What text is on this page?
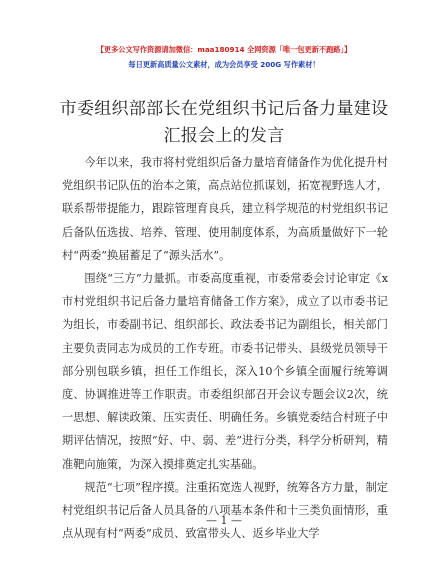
【更多公文写作资源请加微信：maa180914 全网资源「唯一包更新不跑路」】
每日更新高质量公文素材，成为会员享受 200G 写作素材！
市委组织部部长在党组织书记后备力量建设汇报会上的发言

今年以来，我市将村党组织后备力量培育储备作为优化提升村党组织书记队伍的治本之策，高点站位抓谋划，拓宽视野选人才，联系帮带提能力，跟踪管理育良兵，建立科学规范的村党组织书记后备队伍选拔、培养、管理、使用制度体系，为高质量做好下一轮村“两委”换届蓄足了“源头活水”。

围绕“三方”力量抓。市委高度重视，市委常委会讨论审定《x市村党组织书记后备力量培育储备工作方案》，成立了以市委书记为组长，市委副书记、组织部长、政法委书记为副组长，相关部门主要负责同志为成员的工作专班。市委书记带头、县级党员领导干部分别包联乡镇，担任工作组长，深入10个乡镇全面履行统筹调度、协调推进等工作职责。市委组织部召开会议专题会议2次，统一思想、解读政策、压实责任、明确任务。乡镇党委结合村班子中期评估情况，按照“好、中、弱、差”进行分类，科学分析研判，精准靶向施策，为深入摸排奠定扎实基础。

规范“七项”程序摸。注重拓宽选人视野，统筹各方力量，制定村党组织书记后备人员具备的八项基本条件和十三类负面情形，重点从现有村“两委”成员、致富带头人、返乡毕业大学

— 1 —
